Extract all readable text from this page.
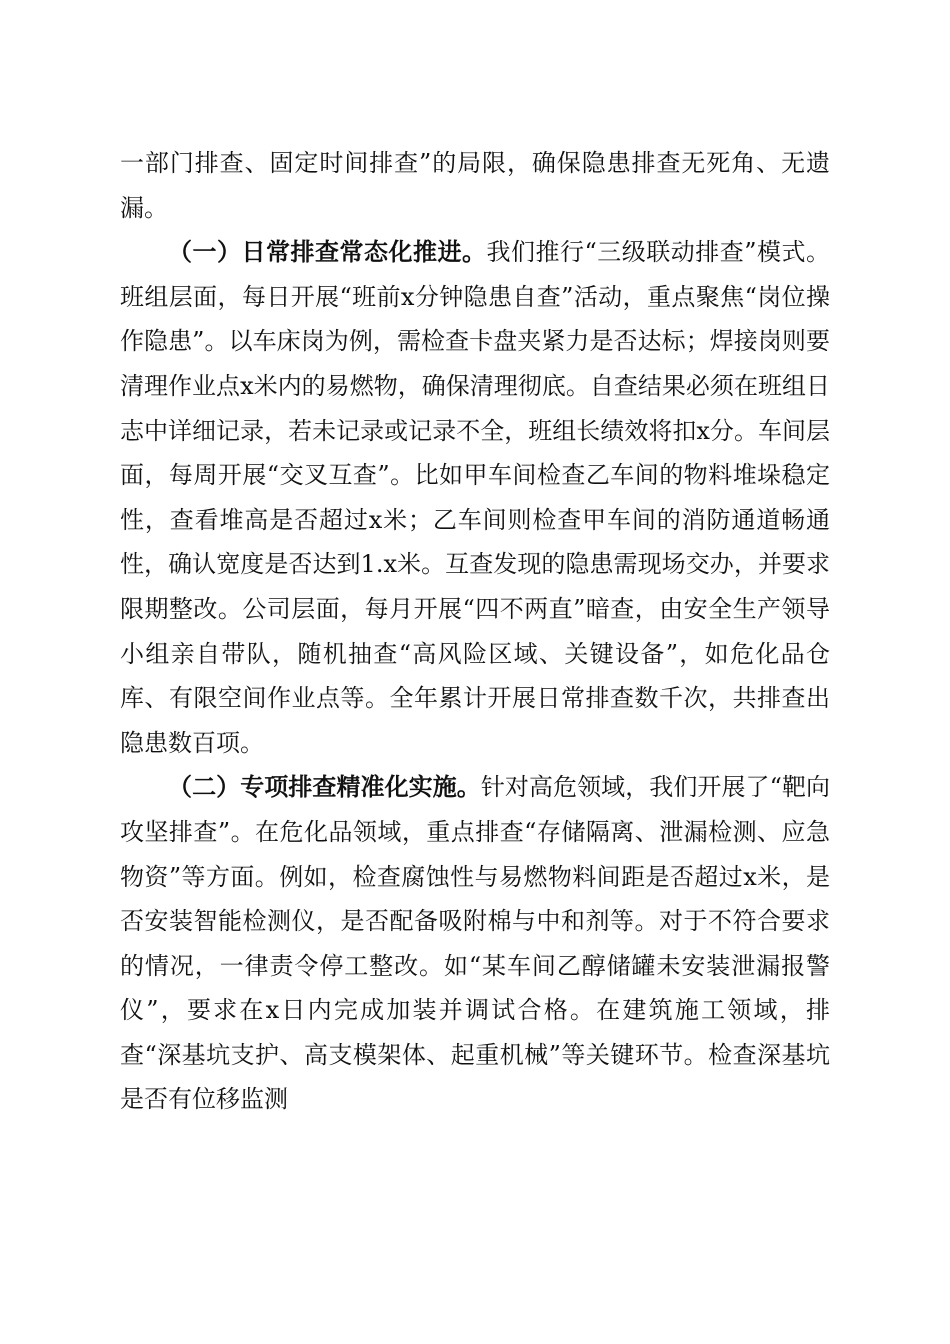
一部门排查、固定时间排查”的局限，确保隐患排查无死角、无遗漏。

（一）日常排查常态化推进。我们推行“三级联动排查”模式。班组层面，每日开展“班前x分钟隐患自查”活动，重点聚焦“岗位操作隐患”。以车床岗为例，需检查卡盘夹紧力是否达标；焊接岗则要清理作业点x米内的易燃物，确保清理彻底。自查结果必须在班组日志中详细记录，若未记录或记录不全，班组长绩效将扣x分。车间层面，每周开展“交叉互查”。比如甲车间检查乙车间的物料堆垛稳定性，查看堆高是否超过x米；乙车间则检查甲车间的消防通道畅通性，确认宽度是否达到1.x米。互查发现的隐患需现场交办，并要求限期整改。公司层面，每月开展“四不两直”暗查，由安全生产领导小组亲自带队，随机抽查“高风险区域、关键设备”，如危化品仓库、有限空间作业点等。全年累计开展日常排查数千次，共排查出隐患数百项。

（二）专项排查精准化实施。针对高危领域，我们开展了“靶向攻坚排查”。在危化品领域，重点排查“存储隔离、泄漏检测、应急物资”等方面。例如，检查腐蚀性与易燃物料间距是否超过x米，是否安装智能检测仪，是否配备吸附棉与中和剂等。对于不符合要求的情况，一律责令停工整改。如“某车间乙醇储罐未安装泄漏报警仪”，要求在x日内完成加装并调试合格。在建筑施工领域，排查“深基坑支护、高支模架体、起重机械”等关键环节。检查深基坑是否有位移监测
